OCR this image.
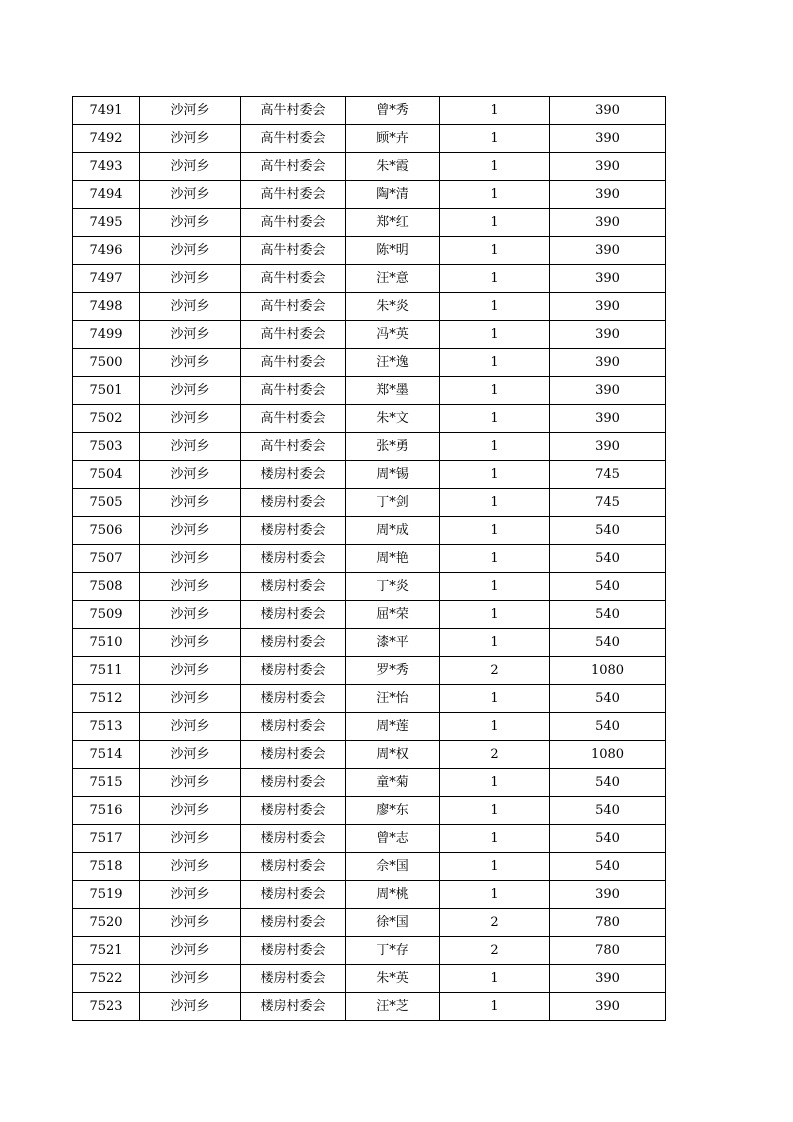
7491	沙河乡	高牛村委会	曾*秀	1	390
7492	沙河乡	高牛村委会	顾*卉	1	390
7493	沙河乡	高牛村委会	朱*霞	1	390
7494	沙河乡	高牛村委会	陶*清	1	390
7495	沙河乡	高牛村委会	郑*红	1	390
7496	沙河乡	高牛村委会	陈*明	1	390
7497	沙河乡	高牛村委会	汪*意	1	390
7498	沙河乡	高牛村委会	朱*炎	1	390
7499	沙河乡	高牛村委会	冯*英	1	390
7500	沙河乡	高牛村委会	汪*逸	1	390
7501	沙河乡	高牛村委会	郑*墨	1	390
7502	沙河乡	高牛村委会	朱*文	1	390
7503	沙河乡	高牛村委会	张*勇	1	390
7504	沙河乡	楼房村委会	周*锡	1	745
7505	沙河乡	楼房村委会	丁*剑	1	745
7506	沙河乡	楼房村委会	周*成	1	540
7507	沙河乡	楼房村委会	周*艳	1	540
7508	沙河乡	楼房村委会	丁*炎	1	540
7509	沙河乡	楼房村委会	屈*荣	1	540
7510	沙河乡	楼房村委会	漆*平	1	540
7511	沙河乡	楼房村委会	罗*秀	2	1080
7512	沙河乡	楼房村委会	汪*怡	1	540
7513	沙河乡	楼房村委会	周*莲	1	540
7514	沙河乡	楼房村委会	周*权	2	1080
7515	沙河乡	楼房村委会	童*菊	1	540
7516	沙河乡	楼房村委会	廖*东	1	540
7517	沙河乡	楼房村委会	曾*志	1	540
7518	沙河乡	楼房村委会	佘*国	1	540
7519	沙河乡	楼房村委会	周*桃	1	390
7520	沙河乡	楼房村委会	徐*国	2	780
7521	沙河乡	楼房村委会	丁*存	2	780
7522	沙河乡	楼房村委会	朱*英	1	390
7523	沙河乡	楼房村委会	汪*芝	1	390
